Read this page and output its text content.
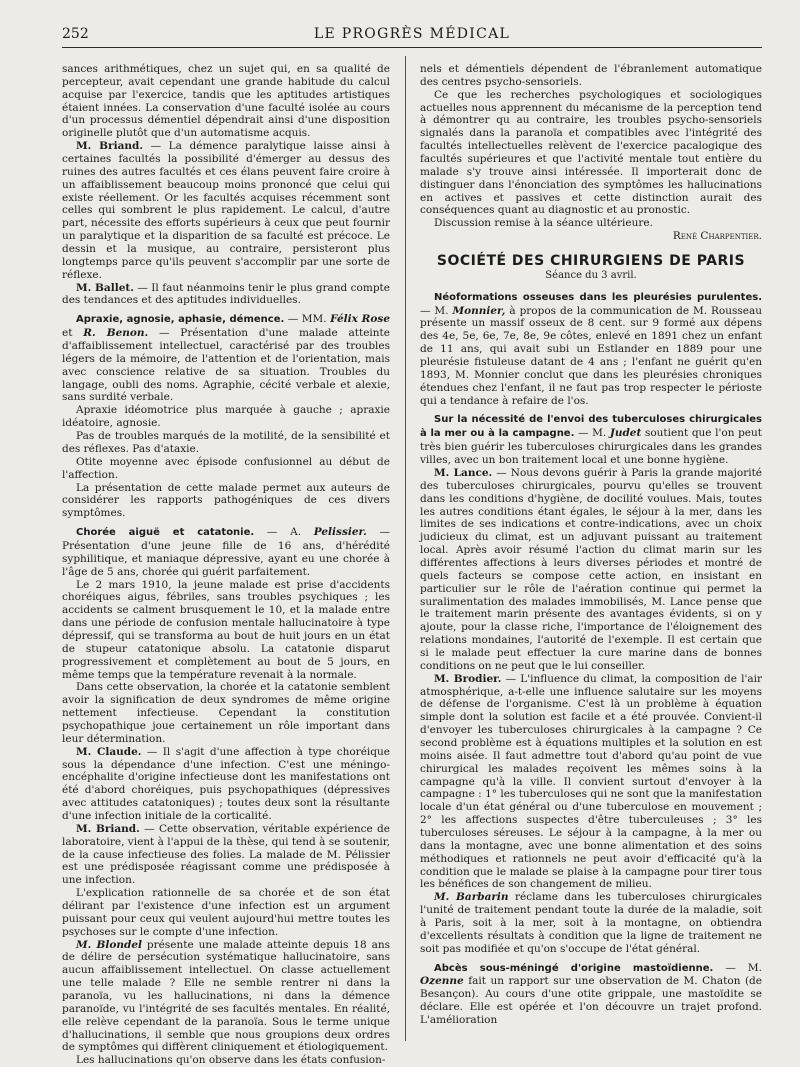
252	LE PROGRÈS MÉDICAL

sances arithmétiques, chez un sujet qui, en sa qualité de percepteur, avait cependant une grande habitude du calcul acquise par l'exercice, tandis que les aptitudes artistiques étaient innées. La conservation d'une faculté isolée au cours d'un processus démentiel dépendrait ainsi d'une disposition originelle plutôt que d'un automatisme acquis.

M. Briand. — La démence paralytique laisse ainsi à certaines facultés la possibilité d'émerger au dessus des ruines des autres facultés et ces élans peuvent faire croire à un affaiblissement beaucoup moins prononcé que celui qui existe réellement. Or les facultés acquises récemment sont celles qui sombrent le plus rapidement. Le calcul, d'autre part, nécessite des efforts supérieurs à ceux que peut fournir un paralytique et la disparition de sa faculté est précoce. Le dessin et la musique, au contraire, persisteront plus longtemps parce qu'ils peuvent s'accomplir par une sorte de réflexe.

M. Ballet. — Il faut néanmoins tenir le plus grand compte des tendances et des aptitudes individuelles.

Apraxie, agnosie, aphasie, démence. — MM. Félix Rose et R. Benon. — Présentation d'une malade atteinte d'affaiblissement intellectuel, caractérisé par des troubles légers de la mémoire, de l'attention et de l'orientation, mais avec conscience relative de sa situation. Troubles du langage, oubli des noms. Agraphie, cécité verbale et alexie, sans surdité verbale.

Apraxie idéomotrice plus marquée à gauche ; apraxie idéatoire, agnosie.

Pas de troubles marqués de la motilité, de la sensibilité et des réflexes. Pas d'ataxie.

Otite moyenne avec épisode confusionnel au début de l'affection.

La présentation de cette malade permet aux auteurs de considérer les rapports pathogéniques de ces divers symptômes.

Chorée aiguë et catatonie. — A. Pelissier. — Présentation d'une jeune fille de 16 ans, d'hérédité syphilitique, et maniaque dépressive, ayant eu une chorée à l'âge de 5 ans, chorée qui guérit parfaitement.

Le 2 mars 1910, la jeune malade est prise d'accidents choréiques aigus, fébriles, sans troubles psychiques ; les accidents se calment brusquement le 10, et la malade entre dans une période de confusion mentale hallucinatoire à type dépressif, qui se transforma au bout de huit jours en un état de stupeur catatonique absolu. La catatonie disparut progressivement et complètement au bout de 5 jours, en même temps que la température revenait à la normale.

Dans cette observation, la chorée et la catatonie semblent avoir la signification de deux syndromes de même origine nettement infectieuse. Cependant la constitution psychopathique joue certainement un rôle important dans leur détermination.

M. Claude. — Il s'agit d'une affection à type choréique sous la dépendance d'une infection. C'est une méningo-encéphalite d'origine infectieuse dont les manifestations ont été d'abord choréiques, puis psychopathiques (dépressives avec attitudes catatoniques) ; toutes deux sont la résultante d'une infection initiale de la corticalité.

M. Briand. — Cette observation, véritable expérience de laboratoire, vient à l'appui de la thèse, qui tend à se soutenir, de la cause infectieuse des folies. La malade de M. Pélissier est une prédisposée réagissant comme une prédisposée à une infection.

L'explication rationnelle de sa chorée et de son état délirant par l'existence d'une infection est un argument puissant pour ceux qui veulent aujourd'hui mettre toutes les psychoses sur le compte d'une infection.

M. Blondel présente une malade atteinte depuis 18 ans de délire de persécution systématique hallucinatoire, sans aucun affaiblissement intellectuel. On classe actuellement une telle malade ? Elle ne semble rentrer ni dans la paranoïa, vu les hallucinations, ni dans la démence paranoïde, vu l'intégrité de ses facultés mentales. En réalité, elle relève cependant de la paranoïa. Sous le terme unique d'hallucinations, il semble que nous groupions deux ordres de symptômes qui diffèrent cliniquement et étiologiquement.

Les hallucinations qu'on observe dans les états confusion-

nels et démentiels dépendent de l'ébranlement automatique des centres psycho-sensoriels.

Ce que les recherches psychologiques et sociologiques actuelles nous apprennent du mécanisme de la perception tend à démontrer qu au contraire, les troubles psycho-sensoriels signalés dans la paranoïa et compatibles avec l'intégrité des facultés intellectuelles relèvent de l'exercice pacalogique des facultés supérieures et que l'activité mentale tout entière du malade s'y trouve ainsi intéressée. Il importerait donc de distinguer dans l'énonciation des symptômes les hallucinations en actives et passives et cette distinction aurait des conséquences quant au diagnostic et au pronostic.

Discussion remise à la séance ultérieure.

René Charpentier.

SOCIÉTÉ DES CHIRURGIENS DE PARIS
Séance du 3 avril.

Néoformations osseuses dans les pleurésies purulentes. — M. Monnier, à propos de la communication de M. Rousseau présente un massif osseux de 8 cent. sur 9 formé aux dépens des 4e, 5e, 6e, 7e, 8e, 9e côtes, enlevé en 1891 chez un enfant de 11 ans, qui avait subi un Estlander en 1889 pour une pleurésie fistuleuse datant de 4 ans ; l'enfant ne guérit qu'en 1893, M. Monnier conclut que dans les pleurésies chroniques étendues chez l'enfant, il ne faut pas trop respecter le périoste qui a tendance à refaire de l'os.

Sur la nécessité de l'envoi des tuberculoses chirurgicales à la mer ou à la campagne. — M. Judet soutient que l'on peut très bien guérir les tuberculoses chirurgicales dans les grandes villes, avec un bon traitement local et une bonne hygiène.

M. Lance. — Nous devons guérir à Paris la grande majorité des tuberculoses chirurgicales, pourvu qu'elles se trouvent dans les conditions d'hygiène, de docilité voulues. Mais, toutes les autres conditions étant égales, le séjour à la mer, dans les limites de ses indications et contre-indications, avec un choix judicieux du climat, est un adjuvant puissant au traitement local. Après avoir résumé l'action du climat marin sur les différentes affections à leurs diverses périodes et montré de quels facteurs se compose cette action, en insistant en particulier sur le rôle de l'aération continue qui permet la suralimentation des malades immobilisés, M. Lance pense que le traitement marin présente des avantages évidents, si on y ajoute, pour la classe riche, l'importance de l'éloignement des relations mondaines, l'autorité de l'exemple. Il est certain que si le malade peut effectuer la cure marine dans de bonnes conditions on ne peut que le lui conseiller.

M. Brodier. — L'influence du climat, la composition de l'air atmosphérique, a-t-elle une influence salutaire sur les moyens de défense de l'organisme. C'est là un problème à équation simple dont la solution est facile et a été prouvée. Convient-il d'envoyer les tuberculoses chirurgicales à la campagne ? Ce second problème est à équations multiples et la solution en est moins aisée. Il faut admettre tout d'abord qu'au point de vue chirurgical les malades reçoivent les mêmes soins à la campagne qu'à la ville. Il convient surtout d'envoyer à la campagne : 1° les tuberculoses qui ne sont que la manifestation locale d'un état général ou d'une tuberculose en mouvement ; 2° les affections suspectes d'être tuberculeuses ; 3° les tuberculoses séreuses. Le séjour à la campagne, à la mer ou dans la montagne, avec une bonne alimentation et des soins méthodiques et rationnels ne peut avoir d'efficacité qu'à la condition que le malade se plaise à la campagne pour tirer tous les bénéfices de son changement de milieu.

M. Barbarin réclame dans les tuberculoses chirurgicales l'unité de traitement pendant toute la durée de la maladie, soit à Paris, soit à la mer, soit à la montagne, on obtiendra d'excellents résultats à condition que la ligne de traitement ne soit pas modifiée et qu'on s'occupe de l'état général.

Abcès sous-méningé d'origine mastoïdienne. — M. Ozenne fait un rapport sur une observation de M. Chaton (de Besançon). Au cours d'une otite grippale, une mastoïdite se déclare. Elle est opérée et l'on découvre un trajet profond. L'amélioration
